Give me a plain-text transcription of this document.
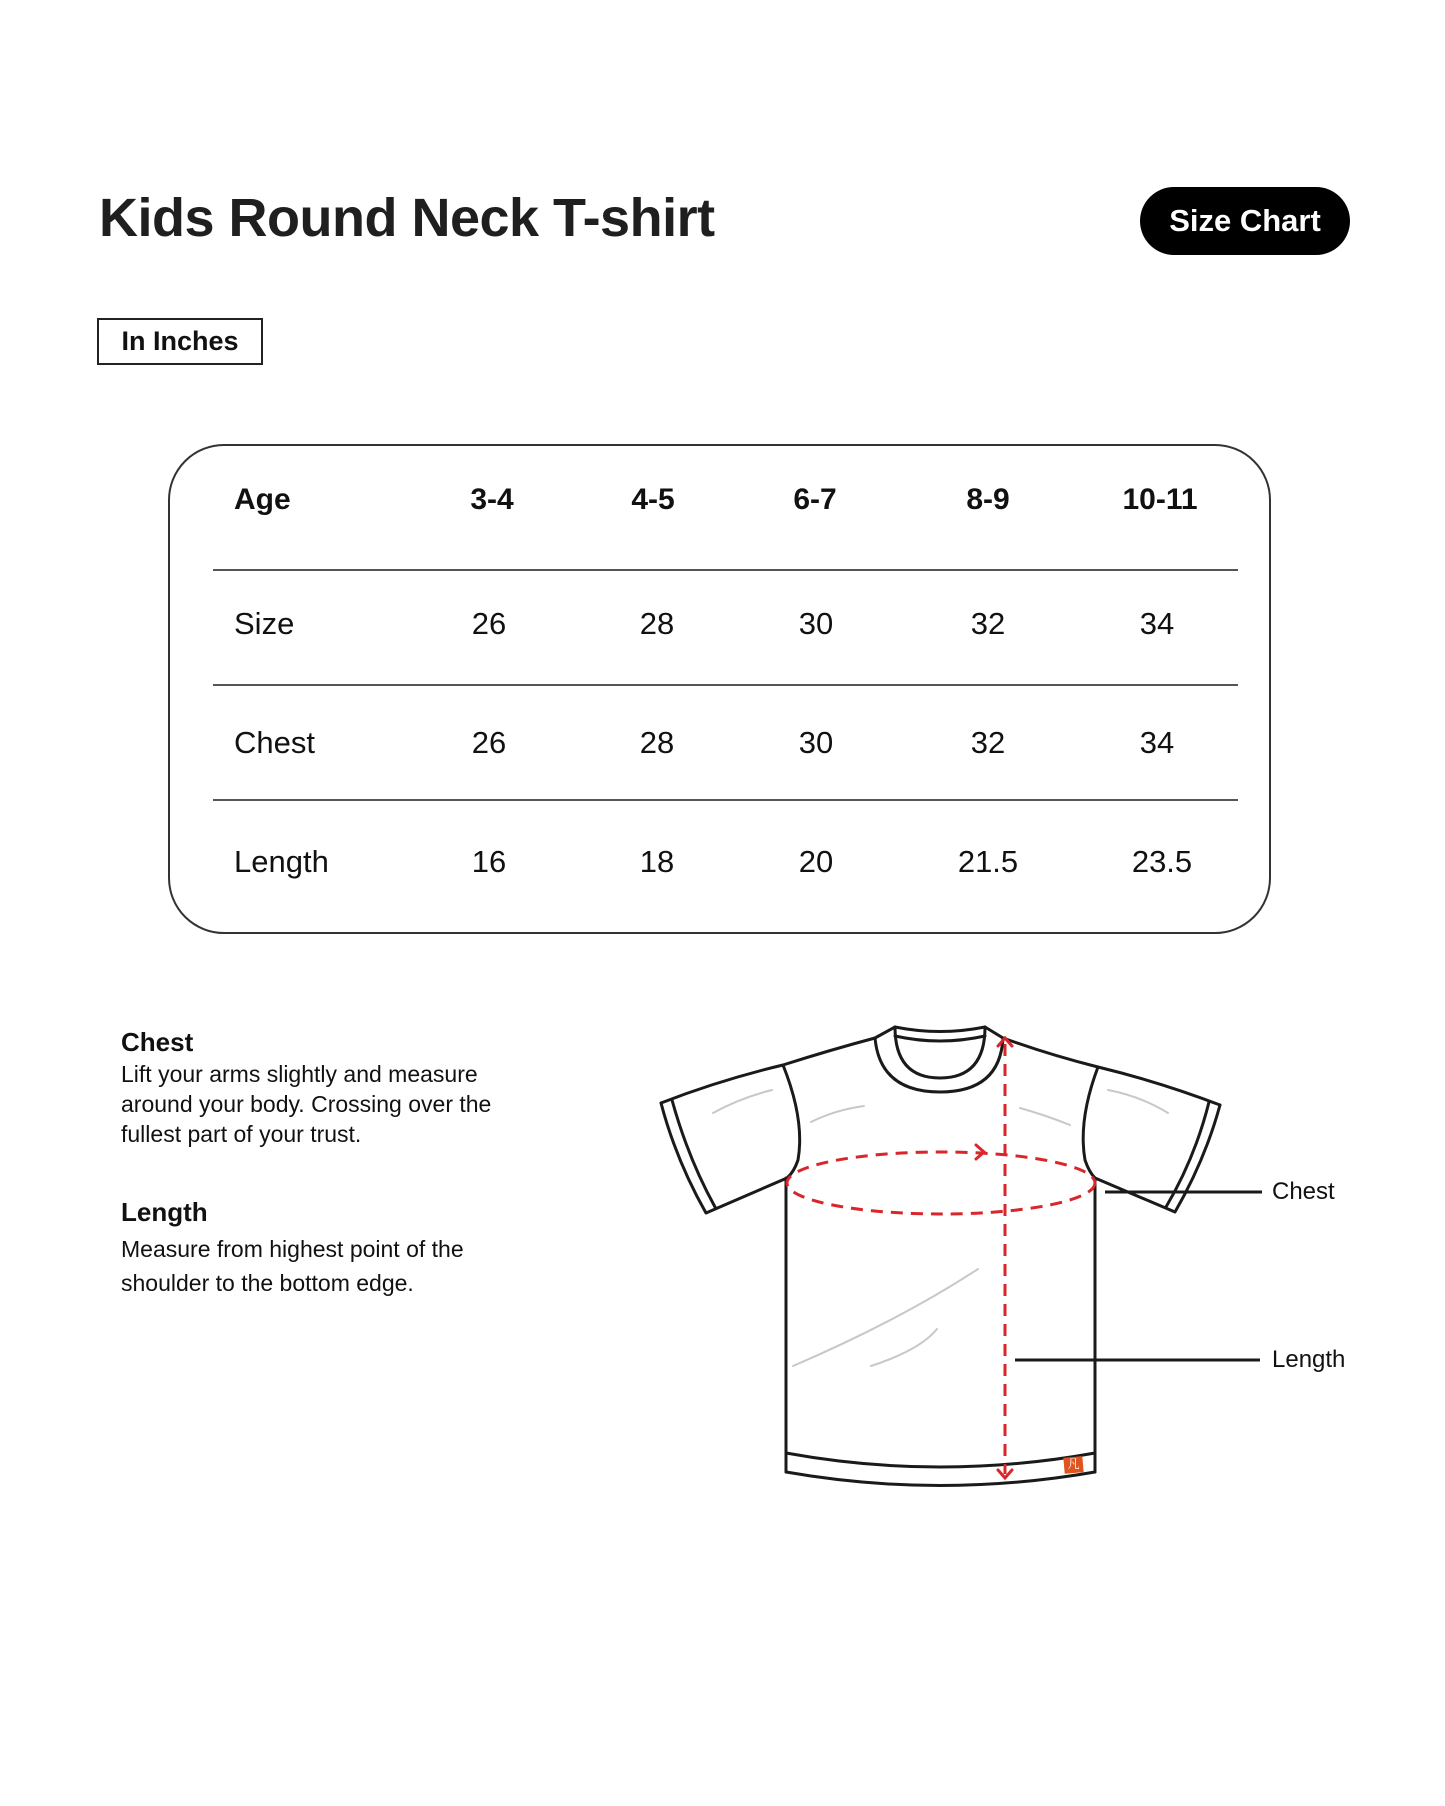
Kids Round Neck T-shirt	Size Chart
In Inches
Age	3-4	4-5	6-7	8-9	10-11
Size	26	28	30	32	34
Chest	26	28	30	32	34
Length	16	18	20	21.5	23.5
Chest
Lift your arms slightly and measure
around your body. Crossing over the
fullest part of your trust.
Length
Measure from highest point of the
shoulder to the bottom edge.
凡
Chest
Length
